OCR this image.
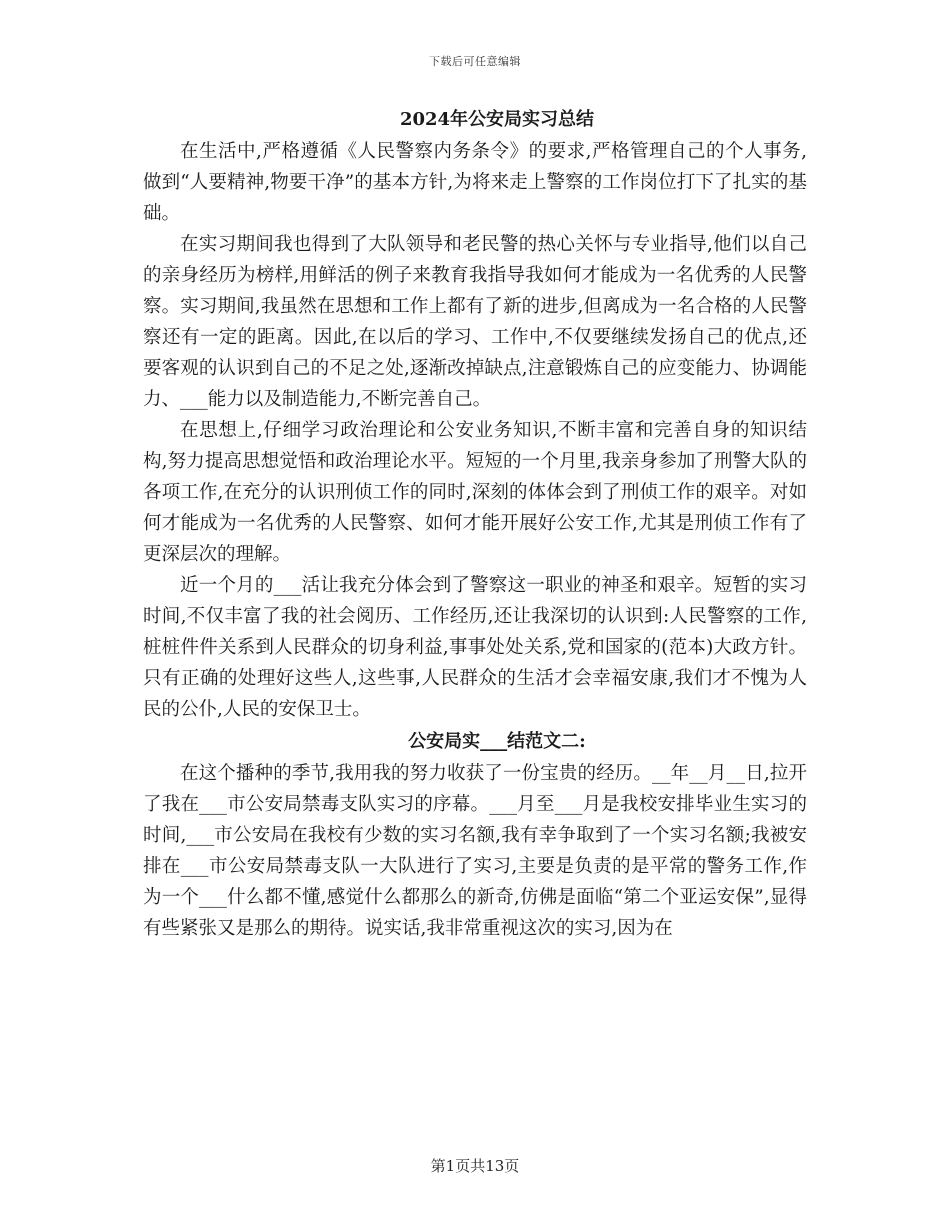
下载后可任意编辑
2024年公安局实习总结

在生活中,严格遵循《人民警察内务条令》的要求,严格管理自己的个人事务,做到“人要精神,物要干净”的基本方针,为将来走上警察的工作岗位打下了扎实的基础。

在实习期间我也得到了大队领导和老民警的热心关怀与专业指导,他们以自己的亲身经历为榜样,用鲜活的例子来教育我指导我如何才能成为一名优秀的人民警察。实习期间,我虽然在思想和工作上都有了新的进步,但离成为一名合格的人民警察还有一定的距离。因此,在以后的学习、工作中,不仅要继续发扬自己的优点,还要客观的认识到自己的不足之处,逐渐改掉缺点,注意锻炼自己的应变能力、协调能力、___能力以及制造能力,不断完善自己。

在思想上,仔细学习政治理论和公安业务知识,不断丰富和完善自身的知识结构,努力提高思想觉悟和政治理论水平。短短的一个月里,我亲身参加了刑警大队的各项工作,在充分的认识刑侦工作的同时,深刻的体体会到了刑侦工作的艰辛。对如何才能成为一名优秀的人民警察、如何才能开展好公安工作,尤其是刑侦工作有了更深层次的理解。

近一个月的___活让我充分体会到了警察这一职业的神圣和艰辛。短暂的实习时间,不仅丰富了我的社会阅历、工作经历,还让我深切的认识到:人民警察的工作,桩桩件件关系到人民群众的切身利益,事事处处关系,党和国家的(范本)大政方针。只有正确的处理好这些人,这些事,人民群众的生活才会幸福安康,我们才不愧为人民的公仆,人民的安保卫士。

公安局实___结范文二:

在这个播种的季节,我用我的努力收获了一份宝贵的经历。__年__月__日,拉开了我在___市公安局禁毒支队实习的序幕。___月至___月是我校安排毕业生实习的时间,___市公安局在我校有少数的实习名额,我有幸争取到了一个实习名额;我被安排在___市公安局禁毒支队一大队进行了实习,主要是负责的是平常的警务工作,作为一个___什么都不懂,感觉什么都那么的新奇,仿佛是面临“第二个亚运安保”,显得有些紧张又是那么的期待。说实话,我非常重视这次的实习,因为在

第1页共13页
